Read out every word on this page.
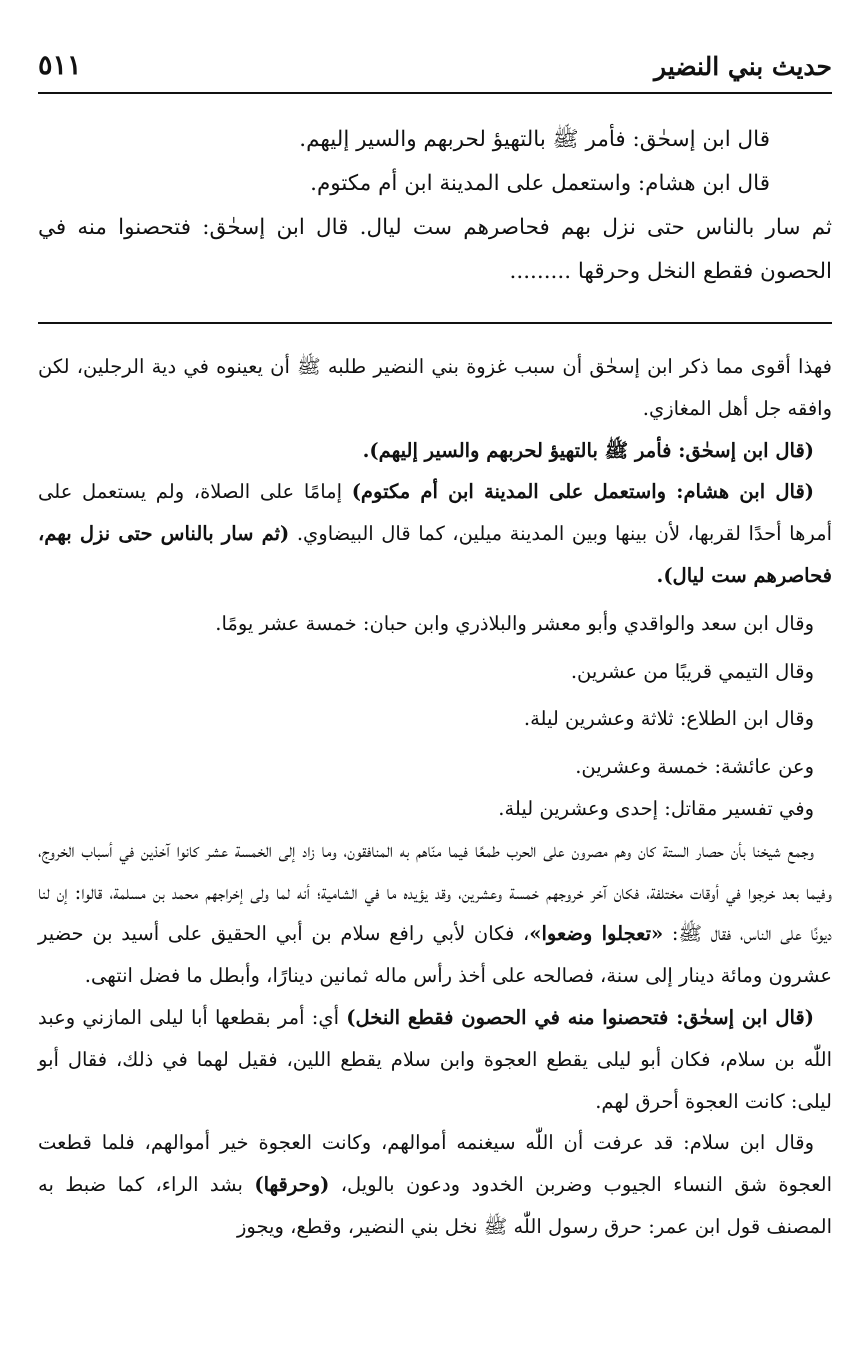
حديث بني النضير
٥١١

قال ابن إسحٰق: فأمر ﷺ بالتهيؤ لحربهم والسير إليهم.

قال ابن هشام: واستعمل على المدينة ابن أم مكتوم.

ثم سار بالناس حتى نزل بهم فحاصرهم ست ليال. قال ابن إسحٰق: فتحصنوا منه في الحصون فقطع النخل وحرقها .........

فهذا أقوى مما ذكر ابن إسحٰق أن سبب غزوة بني النضير طلبه ﷺ أن يعينوه في دية الرجلين، لكن وافقه جل أهل المغازي.

(قال ابن إسحٰق: فأمر ﷺ بالتهيؤ لحربهم والسير إليهم).

(قال ابن هشام: واستعمل على المدينة ابن أم مكتوم) إمامًا على الصلاة، ولم يستعمل على أمرها أحدًا لقربها، لأن بينها وبين المدينة ميلين، كما قال البيضاوي. (ثم سار بالناس حتى نزل بهم، فحاصرهم ست ليال).

وقال ابن سعد والواقدي وأبو معشر والبلاذري وابن حبان: خمسة عشر يومًا.

وقال التيمي قريبًا من عشرين.

وقال ابن الطلاع: ثلاثة وعشرين ليلة.

وعن عائشة: خمسة وعشرين.

وفي تفسير مقاتل: إحدى وعشرين ليلة.

وجمع شيخنا بأن حصار الستة كان وهم مصرون على الحرب طمعًا فيما منّاهم به المنافقون، وما زاد إلى الخمسة عشر كانوا آخذين في أسباب الخروج، وفيما بعد خرجوا في أوقات مختلفة، فكان آخر خروجهم خمسة وعشرين، وقد يؤيده ما في الشامية؛ أنه لما ولى إخراجهم محمد بن مسلمة، قالوا: إن لنا ديونًا على الناس، فقال ﷺ: «تعجلوا وضعوا»، فكان لأبي رافع سلام بن أبي الحقيق على أسيد بن حضير عشرون ومائة دينار إلى سنة، فصالحه على أخذ رأس ماله ثمانين دينارًا، وأبطل ما فضل انتهى.

(قال ابن إسحٰق: فتحصنوا منه في الحصون فقطع النخل) أي: أمر بقطعها أبا ليلى المازني وعبد اللّٰه بن سلام، فكان أبو ليلى يقطع العجوة وابن سلام يقطع اللين، فقيل لهما في ذلك، فقال أبو ليلى: كانت العجوة أحرق لهم.

وقال ابن سلام: قد عرفت أن اللّٰه سيغنمه أموالهم، وكانت العجوة خير أموالهم، فلما قطعت العجوة شق النساء الجيوب وضربن الخدود ودعون بالويل، (وحرقها) بشد الراء، كما ضبط به المصنف قول ابن عمر: حرق رسول اللّٰه ﷺ نخل بني النضير، وقطع، ويجوز
